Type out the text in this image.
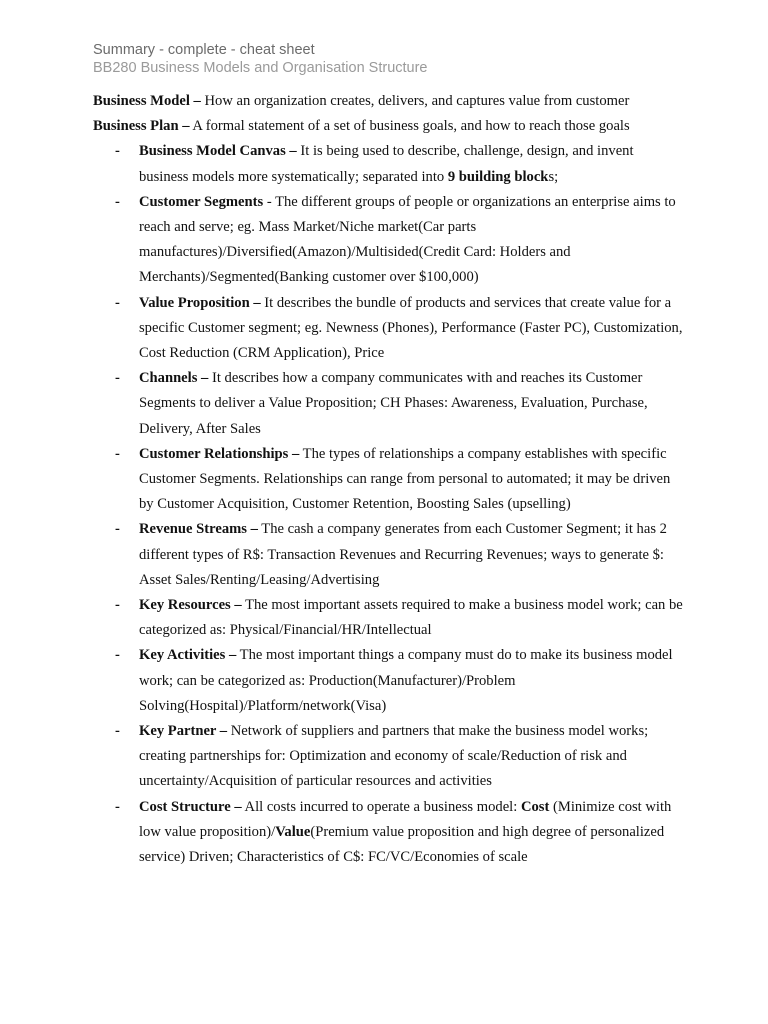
Summary - complete - cheat sheet
BB280 Business Models and Organisation Structure

Business Model – How an organization creates, delivers, and captures value from customer

Business Plan – A formal statement of a set of business goals, and how to reach those goals

- Business Model Canvas – It is being used to describe, challenge, design, and invent business models more systematically; separated into 9 building blocks;
- Customer Segments - The different groups of people or organizations an enterprise aims to reach and serve; eg. Mass Market/Niche market(Car parts manufactures)/Diversified(Amazon)/Multisided(Credit Card: Holders and Merchants)/Segmented(Banking customer over $100,000)
- Value Proposition – It describes the bundle of products and services that create value for a specific Customer segment; eg. Newness (Phones), Performance (Faster PC), Customization, Cost Reduction (CRM Application), Price
- Channels – It describes how a company communicates with and reaches its Customer Segments to deliver a Value Proposition; CH Phases: Awareness, Evaluation, Purchase, Delivery, After Sales
- Customer Relationships – The types of relationships a company establishes with specific Customer Segments. Relationships can range from personal to automated; it may be driven by Customer Acquisition, Customer Retention, Boosting Sales (upselling)
- Revenue Streams – The cash a company generates from each Customer Segment; it has 2 different types of R$: Transaction Revenues and Recurring Revenues; ways to generate $: Asset Sales/Renting/Leasing/Advertising
- Key Resources – The most important assets required to make a business model work; can be categorized as: Physical/Financial/HR/Intellectual
- Key Activities – The most important things a company must do to make its business model work; can be categorized as: Production(Manufacturer)/Problem Solving(Hospital)/Platform/network(Visa)
- Key Partner – Network of suppliers and partners that make the business model works; creating partnerships for: Optimization and economy of scale/Reduction of risk and uncertainty/Acquisition of particular resources and activities
- Cost Structure – All costs incurred to operate a business model: Cost (Minimize cost with low value proposition)/Value(Premium value proposition and high degree of personalized service) Driven; Characteristics of C$: FC/VC/Economies of scale
